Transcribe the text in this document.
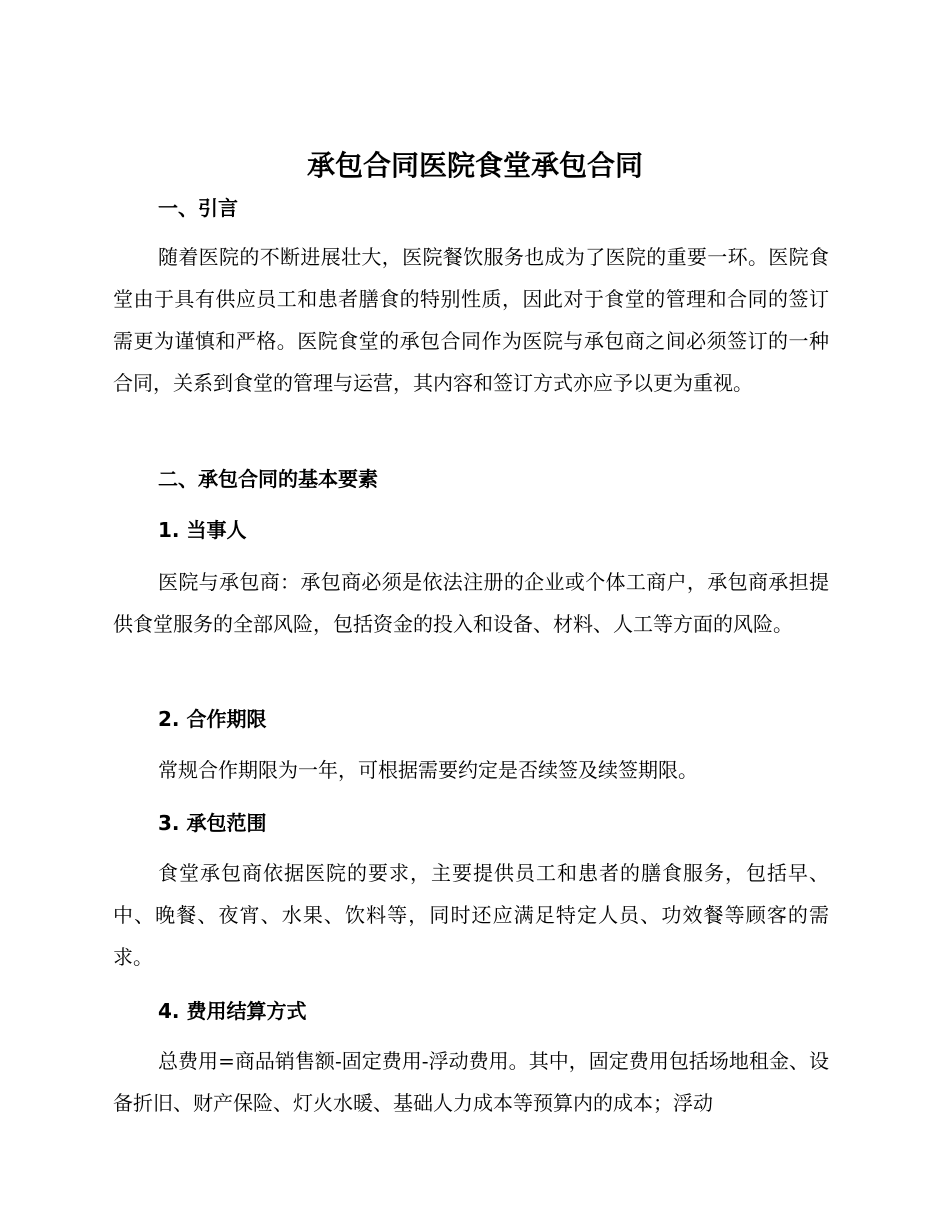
承包合同医院食堂承包合同
一、引言

随着医院的不断进展壮大，医院餐饮服务也成为了医院的重要一环。医院食堂由于具有供应员工和患者膳食的特别性质，因此对于食堂的管理和合同的签订需更为谨慎和严格。医院食堂的承包合同作为医院与承包商之间必须签订的一种合同，关系到食堂的管理与运营，其内容和签订方式亦应予以更为重视。

二、承包合同的基本要素
1. 当事人

医院与承包商：承包商必须是依法注册的企业或个体工商户，承包商承担提供食堂服务的全部风险，包括资金的投入和设备、材料、人工等方面的风险。

2. 合作期限

常规合作期限为一年，可根据需要约定是否续签及续签期限。

3. 承包范围

食堂承包商依据医院的要求，主要提供员工和患者的膳食服务，包括早、中、晚餐、夜宵、水果、饮料等，同时还应满足特定人员、功效餐等顾客的需求。

4. 费用结算方式

总费用=商品销售额-固定费用-浮动费用。其中，固定费用包括场地租金、设备折旧、财产保险、灯火水暖、基础人力成本等预算内的成本；浮动
